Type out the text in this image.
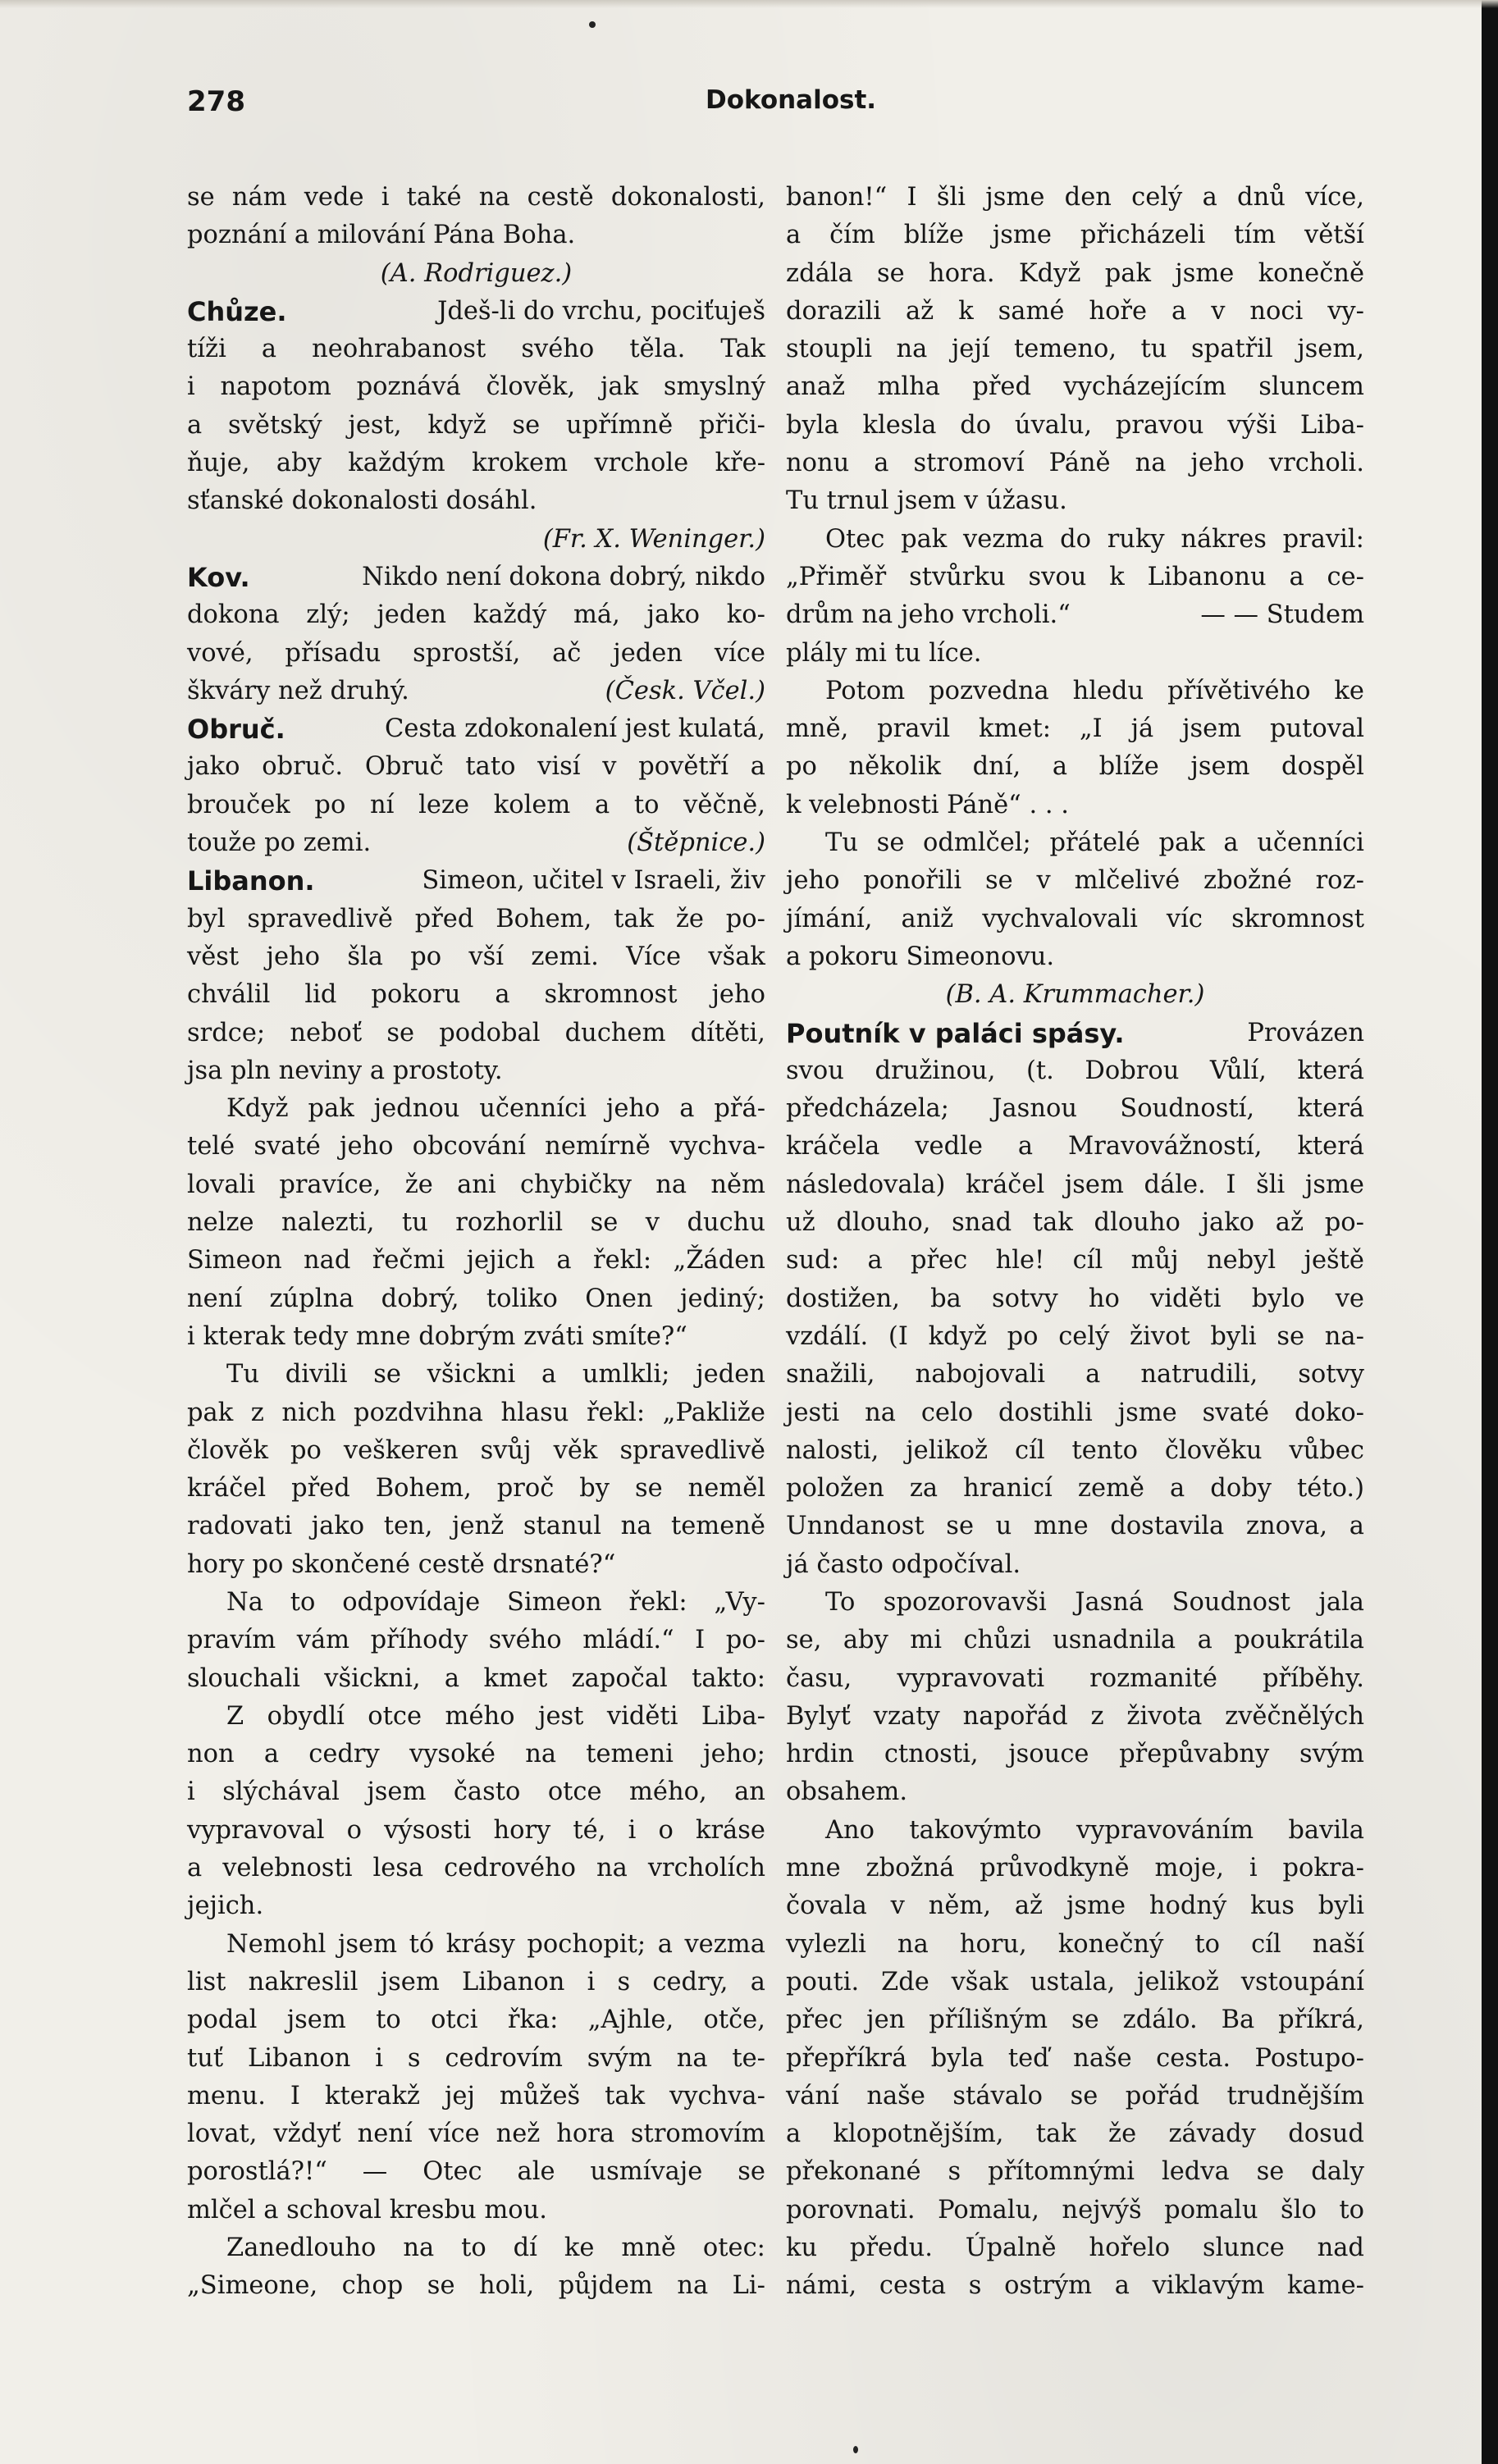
278	Dokonalost.
se nám vede i také na cestě dokonalosti,
poznání a milování Pána Boha.
(A. Rodriguez.)
Chůze.	Jdeš-li do vrchu, pociťuješ
tíži a neohrabanost svého těla. Tak
i napotom poznává člověk, jak smyslný
a světský jest, když se upřímně přiči-
ňuje, aby každým krokem vrchole kře-
sťanské dokonalosti dosáhl.
(Fr. X. Weninger.)
Kov.	Nikdo není dokona dobrý, nikdo
dokona zlý; jeden každý má, jako ko-
vové, přísadu sprostší, ač jeden více
škváry než druhý.	(Česk. Včel.)
Obruč.	Cesta zdokonalení jest kulatá,
jako obruč. Obruč tato visí v povětří a
brouček po ní leze kolem a to věčně,
touže po zemi.	(Štěpnice.)
Libanon.	Simeon, učitel v Israeli, živ
byl spravedlivě před Bohem, tak že po-
věst jeho šla po vší zemi. Více však
chválil lid pokoru a skromnost jeho
srdce; neboť se podobal duchem dítěti,
jsa pln neviny a prostoty.
Když pak jednou učenníci jeho a přá-
telé svaté jeho obcování nemírně vychva-
lovali pravíce, že ani chybičky na něm
nelze nalezti, tu rozhorlil se v duchu
Simeon nad řečmi jejich a řekl: „Žáden
není zúplna dobrý, toliko Onen jediný;
i kterak tedy mne dobrým zváti smíte?“
Tu divili se všickni a umlkli; jeden
pak z nich pozdvihna hlasu řekl: „Pakliže
člověk po veškeren svůj věk spravedlivě
kráčel před Bohem, proč by se neměl
radovati jako ten, jenž stanul na temeně
hory po skončené cestě drsnaté?“
Na to odpovídaje Simeon řekl: „Vy-
pravím vám příhody svého mládí.“ I po-
slouchali všickni, a kmet započal takto:
Z obydlí otce mého jest viděti Liba-
non a cedry vysoké na temeni jeho;
i slýchával jsem často otce mého, an
vypravoval o výsosti hory té, i o kráse
a velebnosti lesa cedrového na vrcholích
jejich.
Nemohl jsem tó krásy pochopit; a vezma
list nakreslil jsem Libanon i s cedry, a
podal jsem to otci řka: „Ajhle, otče,
tuť Libanon i s cedrovím svým na te-
menu. I kterakž jej můžeš tak vychva-
lovat, vždyť není více než hora stromovím
porostlá?!“ — Otec ale usmívaje se
mlčel a schoval kresbu mou.
Zanedlouho na to dí ke mně otec:
„Simeone, chop se holi, půjdem na Li-
banon!“ I šli jsme den celý a dnů více,
a čím blíže jsme přicházeli tím větší
zdála se hora. Když pak jsme konečně
dorazili až k samé hoře a v noci vy-
stoupli na její temeno, tu spatřil jsem,
anaž mlha před vycházejícím sluncem
byla klesla do úvalu, pravou výši Liba-
nonu a stromoví Páně na jeho vrcholi.
Tu trnul jsem v úžasu.
Otec pak vezma do ruky nákres pravil:
„Přiměř stvůrku svou k Libanonu a ce-
drům na jeho vrcholi.“	— — Studem
plály mi tu líce.
Potom pozvedna hledu přívětivého ke
mně, pravil kmet: „I já jsem putoval
po několik dní, a blíže jsem dospěl
k velebnosti Páně“ . . .
Tu se odmlčel; přátelé pak a učenníci
jeho ponořili se v mlčelivé zbožné roz-
jímání, aniž vychvalovali víc skromnost
a pokoru Simeonovu.
(B. A. Krummacher.)
Poutník v paláci spásy.	Provázen
svou družinou, (t. Dobrou Vůlí, která
předcházela; Jasnou Soudností, která
kráčela vedle a Mravovážností, která
následovala) kráčel jsem dále. I šli jsme
už dlouho, snad tak dlouho jako až po-
sud: a přec hle! cíl můj nebyl ještě
dostižen, ba sotvy ho viděti bylo ve
vzdálí. (I když po celý život byli se na-
snažili, nabojovali a natrudili, sotvy
jesti na celo dostihli jsme svaté doko-
nalosti, jelikož cíl tento člověku vůbec
položen za hranicí země a doby této.)
Unndanost se u mne dostavila znova, a
já často odpočíval.
To spozorovavši Jasná Soudnost jala
se, aby mi chůzi usnadnila a poukrátila
času, vypravovati rozmanité příběhy.
Bylyť vzaty napořád z života zvěčnělých
hrdin ctnosti, jsouce přepůvabny svým
obsahem.
Ano takovýmto vypravováním bavila
mne zbožná průvodkyně moje, i pokra-
čovala v něm, až jsme hodný kus byli
vylezli na horu, konečný to cíl naší
pouti. Zde však ustala, jelikož vstoupání
přec jen přílišným se zdálo. Ba příkrá,
přepříkrá byla teď naše cesta. Postupo-
vání naše stávalo se pořád trudnějším
a klopotnějším, tak že závady dosud
překonané s přítomnými ledva se daly
porovnati. Pomalu, nejvýš pomalu šlo to
ku předu. Úpalně hořelo slunce nad
námi, cesta s ostrým a viklavým kame-
